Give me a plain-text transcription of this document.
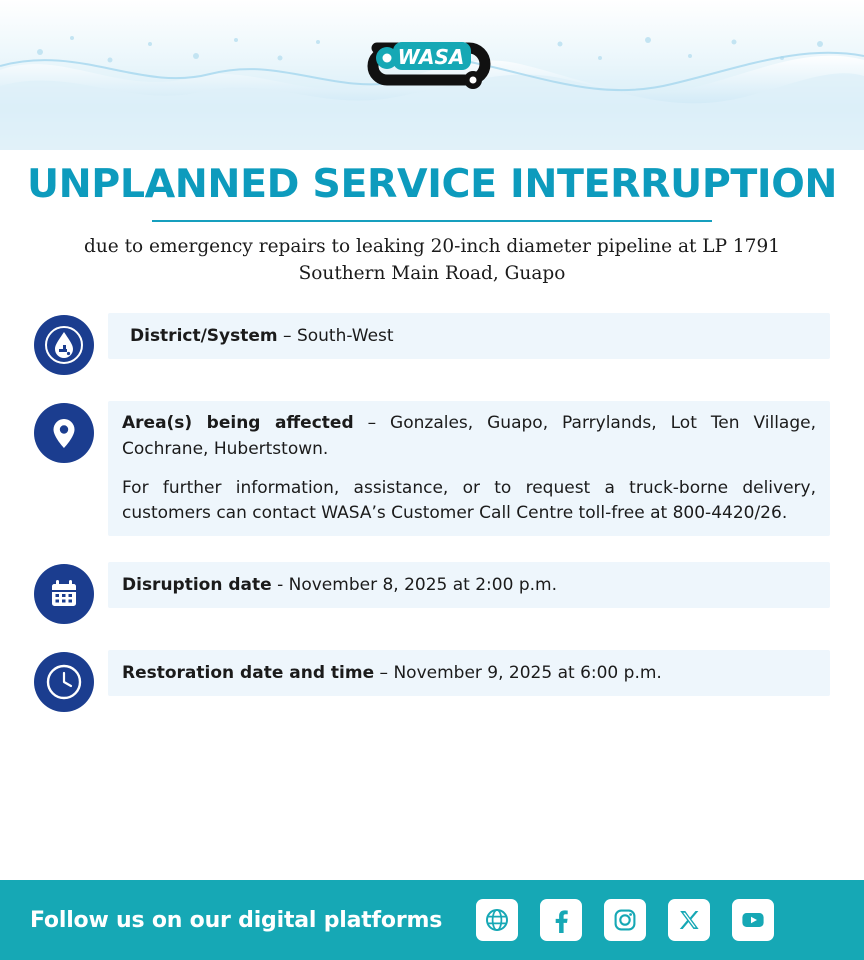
WASA
UNPLANNED SERVICE INTERRUPTION
due to emergency repairs to leaking 20-inch diameter pipeline at LP 1791 Southern Main Road, Guapo

District/System – South-West

Area(s) being affected – Gonzales, Guapo, Parrylands, Lot Ten Village, Cochrane, Hubertstown.

For further information, assistance, or to request a truck-borne delivery, customers can contact WASA’s Customer Call Centre toll-free at 800-4420/26.

Disruption date - November 8, 2025 at 2:00 p.m.

Restoration date and time – November 9, 2025 at 6:00 p.m.

Follow us on our digital platforms
